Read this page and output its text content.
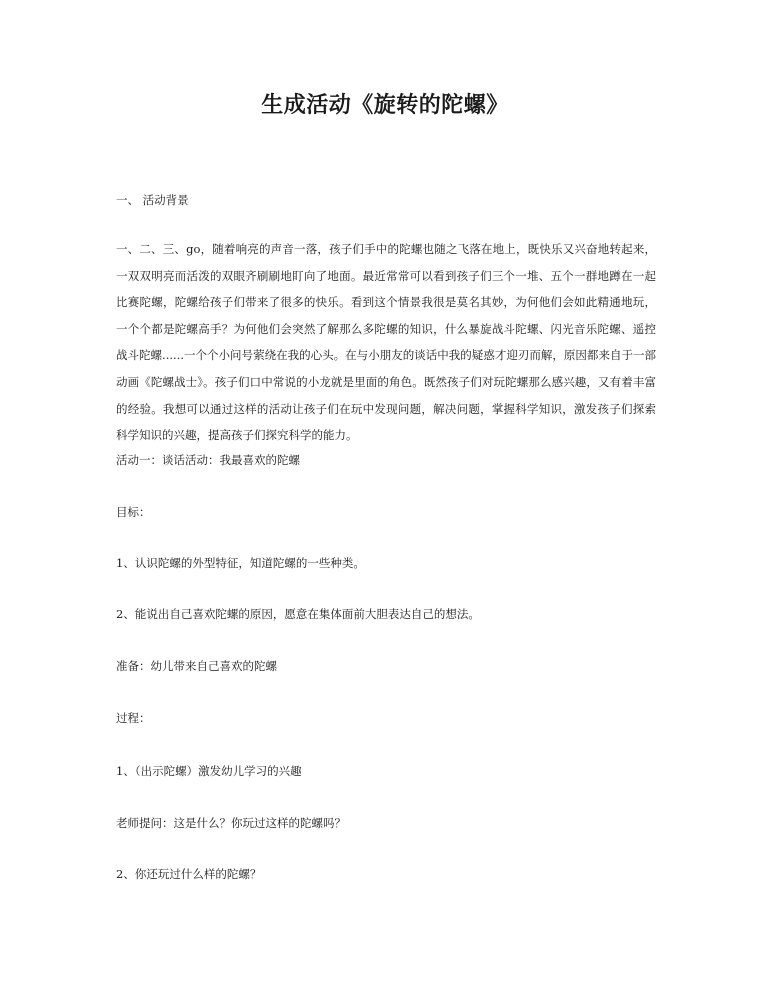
生成活动《旋转的陀螺》
一、 活动背景
一、二、三、go，随着响亮的声音一落，孩子们手中的陀螺也随之飞落在地上，既快乐又兴奋地转起来，一双双明亮而活泼的双眼齐刷刷地盯向了地面。最近常常可以看到孩子们三个一堆、五个一群地蹲在一起比赛陀螺，陀螺给孩子们带来了很多的快乐。看到这个情景我很是莫名其妙，为何他们会如此精通地玩，一个个都是陀螺高手？为何他们会突然了解那么多陀螺的知识，什么暴旋战斗陀螺、闪光音乐陀螺、遥控战斗陀螺......一个个小问号萦绕在我的心头。在与小朋友的谈话中我的疑惑才迎刃而解，原因都来自于一部动画《陀螺战士》。孩子们口中常说的小龙就是里面的角色。既然孩子们对玩陀螺那么感兴趣，又有着丰富的经验。我想可以通过这样的活动让孩子们在玩中发现问题，解决问题，掌握科学知识，激发孩子们探索科学知识的兴趣，提高孩子们探究科学的能力。
活动一：谈话活动：我最喜欢的陀螺
目标：
1、认识陀螺的外型特征，知道陀螺的一些种类。
2、能说出自己喜欢陀螺的原因，愿意在集体面前大胆表达自己的想法。
准备：幼儿带来自己喜欢的陀螺
过程：
1、（出示陀螺）激发幼儿学习的兴趣
老师提问：这是什么？你玩过这样的陀螺吗？
2、你还玩过什么样的陀螺？
